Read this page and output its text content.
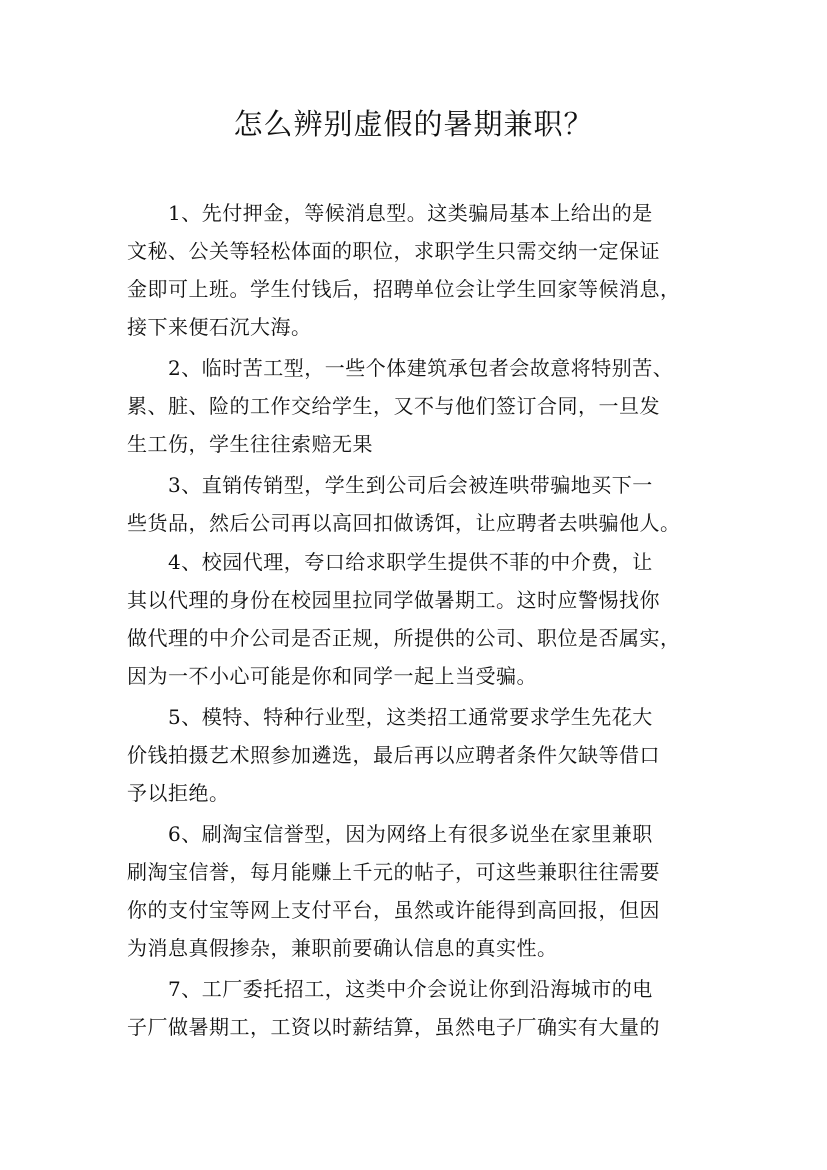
怎么辨别虚假的暑期兼职？

　　1、先付押金，等候消息型。这类骗局基本上给出的是

文秘、公关等轻松体面的职位，求职学生只需交纳一定保证

金即可上班。学生付钱后，招聘单位会让学生回家等候消息，

接下来便石沉大海。

　　2、临时苦工型，一些个体建筑承包者会故意将特别苦、

累、脏、险的工作交给学生，又不与他们签订合同，一旦发

生工伤，学生往往索赔无果

　　3、直销传销型，学生到公司后会被连哄带骗地买下一

些货品，然后公司再以高回扣做诱饵，让应聘者去哄骗他人。

　　4、校园代理，夸口给求职学生提供不菲的中介费，让

其以代理的身份在校园里拉同学做暑期工。这时应警惕找你

做代理的中介公司是否正规，所提供的公司、职位是否属实，

因为一不小心可能是你和同学一起上当受骗。

　　5、模特、特种行业型，这类招工通常要求学生先花大

价钱拍摄艺术照参加遴选，最后再以应聘者条件欠缺等借口

予以拒绝。

　　6、刷淘宝信誉型，因为网络上有很多说坐在家里兼职

刷淘宝信誉，每月能赚上千元的帖子，可这些兼职往往需要

你的支付宝等网上支付平台，虽然或许能得到高回报，但因

为消息真假掺杂，兼职前要确认信息的真实性。

　　7、工厂委托招工，这类中介会说让你到沿海城市的电

子厂做暑期工，工资以时薪结算，虽然电子厂确实有大量的
